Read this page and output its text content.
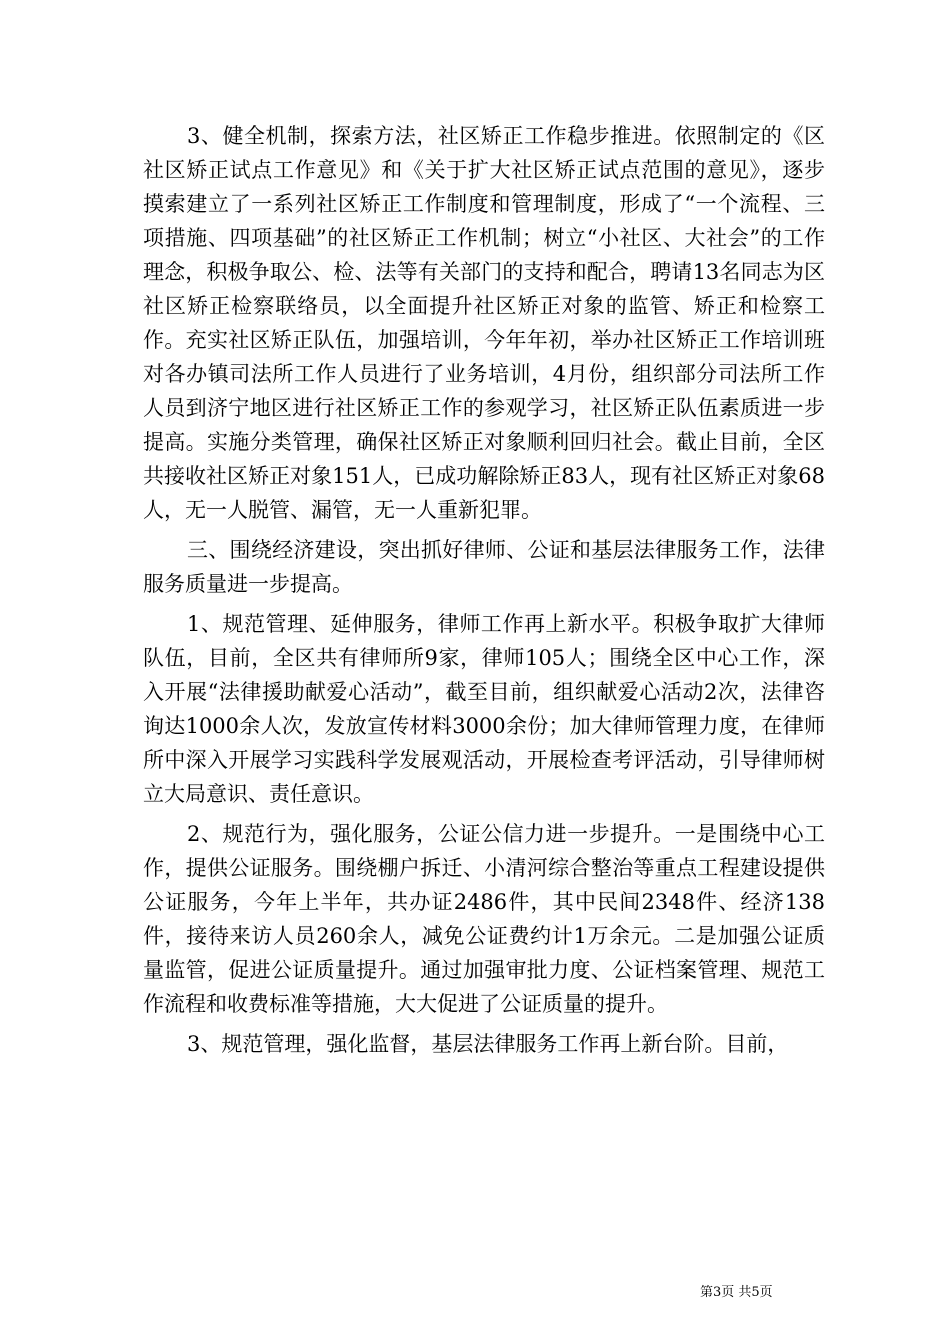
3、健全机制，探索方法，社区矫正工作稳步推进。依照制定的《区社区矫正试点工作意见》和《关于扩大社区矫正试点范围的意见》，逐步摸索建立了一系列社区矫正工作制度和管理制度，形成了“一个流程、三项措施、四项基础”的社区矫正工作机制；树立“小社区、大社会”的工作理念，积极争取公、检、法等有关部门的支持和配合，聘请13名同志为区社区矫正检察联络员，以全面提升社区矫正对象的监管、矫正和检察工作。充实社区矫正队伍，加强培训，今年年初，举办社区矫正工作培训班对各办镇司法所工作人员进行了业务培训，4月份，组织部分司法所工作人员到济宁地区进行社区矫正工作的参观学习，社区矫正队伍素质进一步提高。实施分类管理，确保社区矫正对象顺利回归社会。截止目前，全区共接收社区矫正对象151人，已成功解除矫正83人，现有社区矫正对象68人，无一人脱管、漏管，无一人重新犯罪。

三、围绕经济建设，突出抓好律师、公证和基层法律服务工作，法律服务质量进一步提高。

1、规范管理、延伸服务，律师工作再上新水平。积极争取扩大律师队伍，目前，全区共有律师所9家，律师105人；围绕全区中心工作，深入开展“法律援助献爱心活动”，截至目前，组织献爱心活动2次，法律咨询达1000余人次，发放宣传材料3000余份；加大律师管理力度，在律师所中深入开展学习实践科学发展观活动，开展检查考评活动，引导律师树立大局意识、责任意识。

2、规范行为，强化服务，公证公信力进一步提升。一是围绕中心工作，提供公证服务。围绕棚户拆迁、小清河综合整治等重点工程建设提供公证服务，今年上半年，共办证2486件，其中民间2348件、经济138件，接待来访人员260余人，减免公证费约计1万余元。二是加强公证质量监管，促进公证质量提升。通过加强审批力度、公证档案管理、规范工作流程和收费标准等措施，大大促进了公证质量的提升。

3、规范管理，强化监督，基层法律服务工作再上新台阶。目前，

第3页 共5页
